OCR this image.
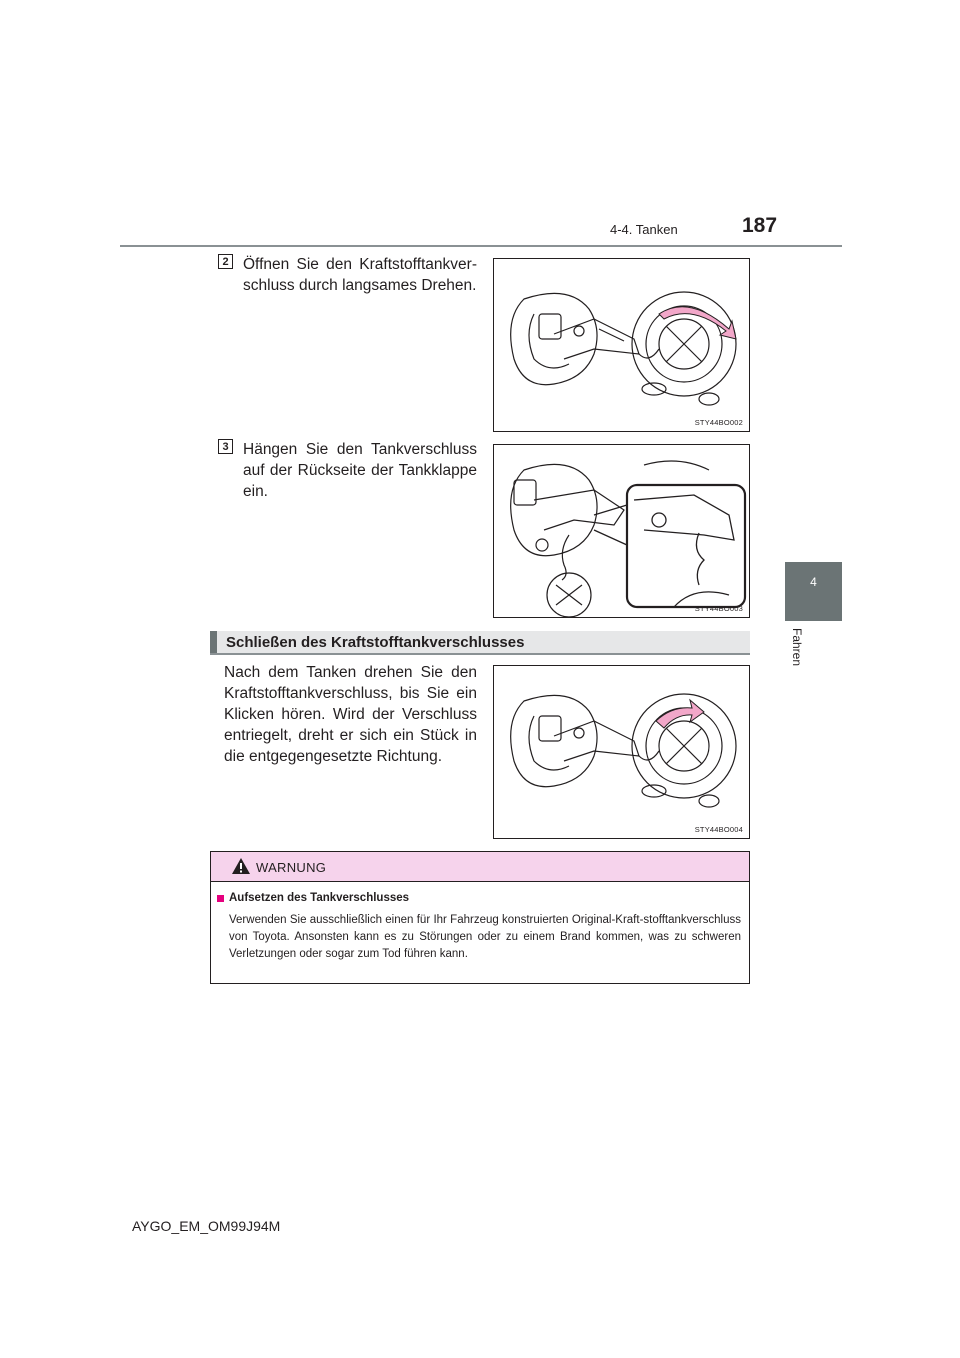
4-4. Tanken	187
4
Fahren
2 Öffnen Sie den Kraftstofftankver-schluss durch langsames Drehen.
STY44BO002
3 Hängen Sie den Tankverschluss auf der Rückseite der Tankklappe ein.
STY44BO003
Schließen des Kraftstofftankverschlusses
Nach dem Tanken drehen Sie den Kraftstofftankverschluss, bis Sie ein Klicken hören. Wird der Verschluss entriegelt, dreht er sich ein Stück in die entgegengesetzte Richtung.
STY44BO004
WARNUNG
Aufsetzen des Tankverschlusses
Verwenden Sie ausschließlich einen für Ihr Fahrzeug konstruierten Original-Kraft-stofftankverschluss von Toyota. Ansonsten kann es zu Störungen oder zu einem Brand kommen, was zu schweren Verletzungen oder sogar zum Tod führen kann.
AYGO_EM_OM99J94M
